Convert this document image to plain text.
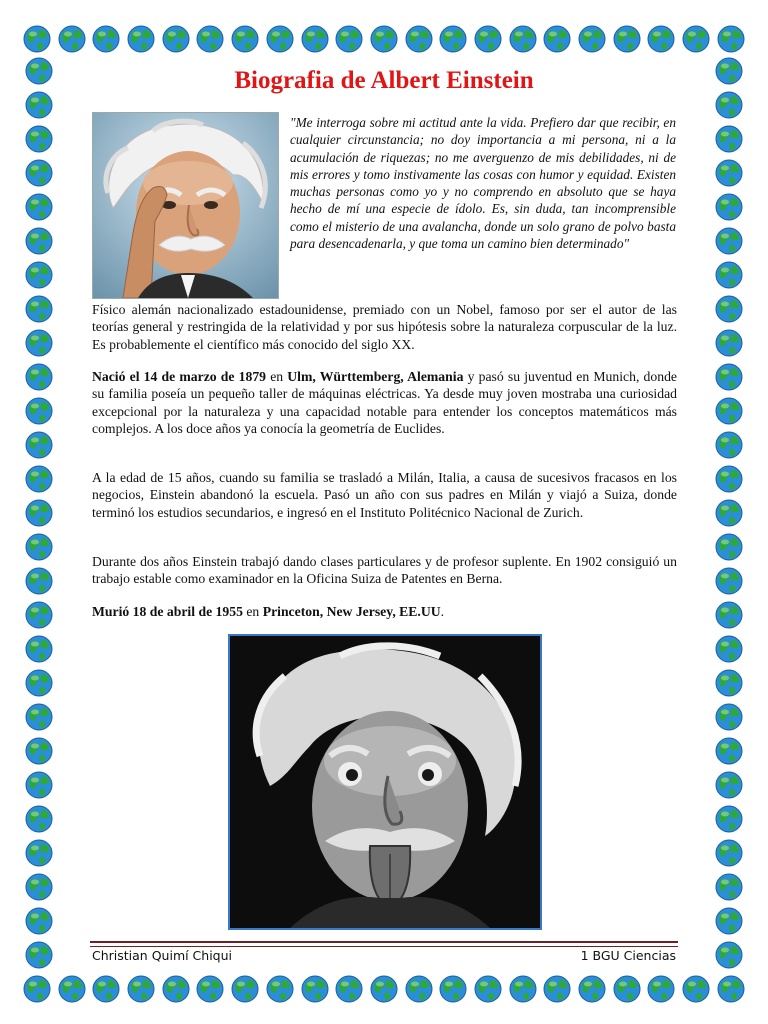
Biografia de Albert Einstein

"Me interroga sobre mi actitud ante la vida. Prefiero dar que recibir, en cualquier circunstancia; no doy importancia a mi persona, ni a la acumulación de riquezas; no me averguenzo de mis debilidades, ni de mis errores y tomo instivamente las cosas con humor y equidad. Existen muchas personas como yo y no comprendo en absoluto que se haya hecho de mí una especie de ídolo. Es, sin duda, tan incomprensible como el misterio de una avalancha, donde un solo grano de polvo basta para desencadenarla, y que toma un camino bien determinado"

Físico alemán nacionalizado estadounidense, premiado con un Nobel, famoso por ser el autor de las teorías general y restringida de la relatividad y por sus hipótesis sobre la naturaleza corpuscular de la luz. Es probablemente el científico más conocido del siglo XX.

Nació el 14 de marzo de 1879 en Ulm, Württemberg, Alemania y pasó su juventud en Munich, donde su familia poseía un pequeño taller de máquinas eléctricas. Ya desde muy joven mostraba una curiosidad excepcional por la naturaleza y una capacidad notable para entender los conceptos matemáticos más complejos. A los doce años ya conocía la geometría de Euclides.

A la edad de 15 años, cuando su familia se trasladó a Milán, Italia, a causa de sucesivos fracasos en los negocios, Einstein abandonó la escuela. Pasó un año con sus padres en Milán y viajó a Suiza, donde terminó los estudios secundarios, e ingresó en el Instituto Politécnico Nacional de Zurich.

Durante dos años Einstein trabajó dando clases particulares y de profesor suplente. En 1902 consiguió un trabajo estable como examinador en la Oficina Suiza de Patentes en Berna.

Murió 18 de abril de 1955 en Princeton, New Jersey, EE.UU.

Christian Quimí Chiqui	1 BGU Ciencias
